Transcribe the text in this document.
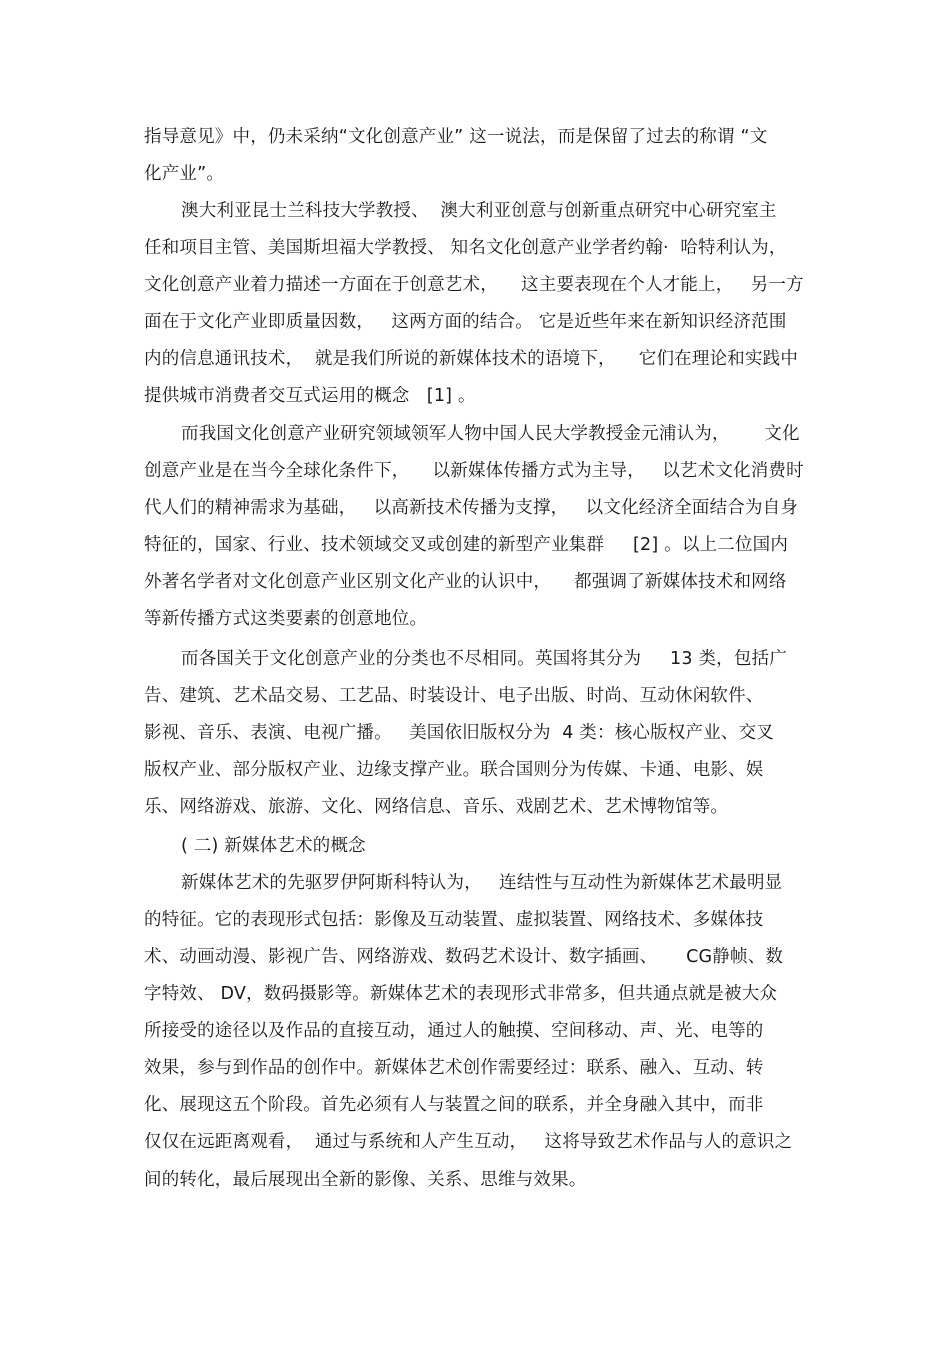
指导意见》中，仍未采纳“文化创意产业” 这一说法，而是保留了过去的称谓 “文
化产业”。
澳大利亚昆士兰科技大学教授、  澳大利亚创意与创新重点研究中心研究室主
任和项目主管、美国斯坦福大学教授、 知名文化创意产业学者约翰·  哈特利认为，
文化创意产业着力描述一方面在于创意艺术，    这主要表现在个人才能上，   另一方
面在于文化产业即质量因数，   这两方面的结合。 它是近些年来在新知识经济范围
内的信息通讯技术，  就是我们所说的新媒体技术的语境下，    它们在理论和实践中
提供城市消费者交互式运用的概念   [1] 。
而我国文化创意产业研究领域领军人物中国人民大学教授金元浦认为，      文化
创意产业是在当今全球化条件下，    以新媒体传播方式为主导，   以艺术文化消费时
代人们的精神需求为基础，   以高新技术传播为支撑，   以文化经济全面结合为自身
特征的，国家、行业、技术领域交叉或创建的新型产业集群     [2] 。以上二位国内
外著名学者对文化创意产业区别文化产业的认识中，    都强调了新媒体技术和网络
等新传播方式这类要素的创意地位。
而各国关于文化创意产业的分类也不尽相同。英国将其分为     13 类，包括广
告、建筑、艺术品交易、工艺品、时装设计、电子出版、时尚、互动休闲软件、
影视、音乐、表演、电视广播。   美国依旧版权分为  4 类：核心版权产业、交叉
版权产业、部分版权产业、边缘支撑产业。联合国则分为传媒、卡通、电影、娱
乐、网络游戏、旅游、文化、网络信息、音乐、戏剧艺术、艺术博物馆等。
( 二) 新媒体艺术的概念
新媒体艺术的先驱罗伊阿斯科特认为，   连结性与互动性为新媒体艺术最明显
的特征。它的表现形式包括：影像及互动装置、虚拟装置、网络技术、多媒体技
术、动画动漫、影视广告、网络游戏、数码艺术设计、数字插画、     CG静帧、数
字特效、 DV，数码摄影等。新媒体艺术的表现形式非常多，但共通点就是被大众
所接受的途径以及作品的直接互动，通过人的触摸、空间移动、声、光、电等的
效果，参与到作品的创作中。新媒体艺术创作需要经过：联系、融入、互动、转
化、展现这五个阶段。首先必须有人与装置之间的联系，并全身融入其中，而非
仅仅在远距离观看，  通过与系统和人产生互动，   这将导致艺术作品与人的意识之
间的转化，最后展现出全新的影像、关系、思维与效果。
